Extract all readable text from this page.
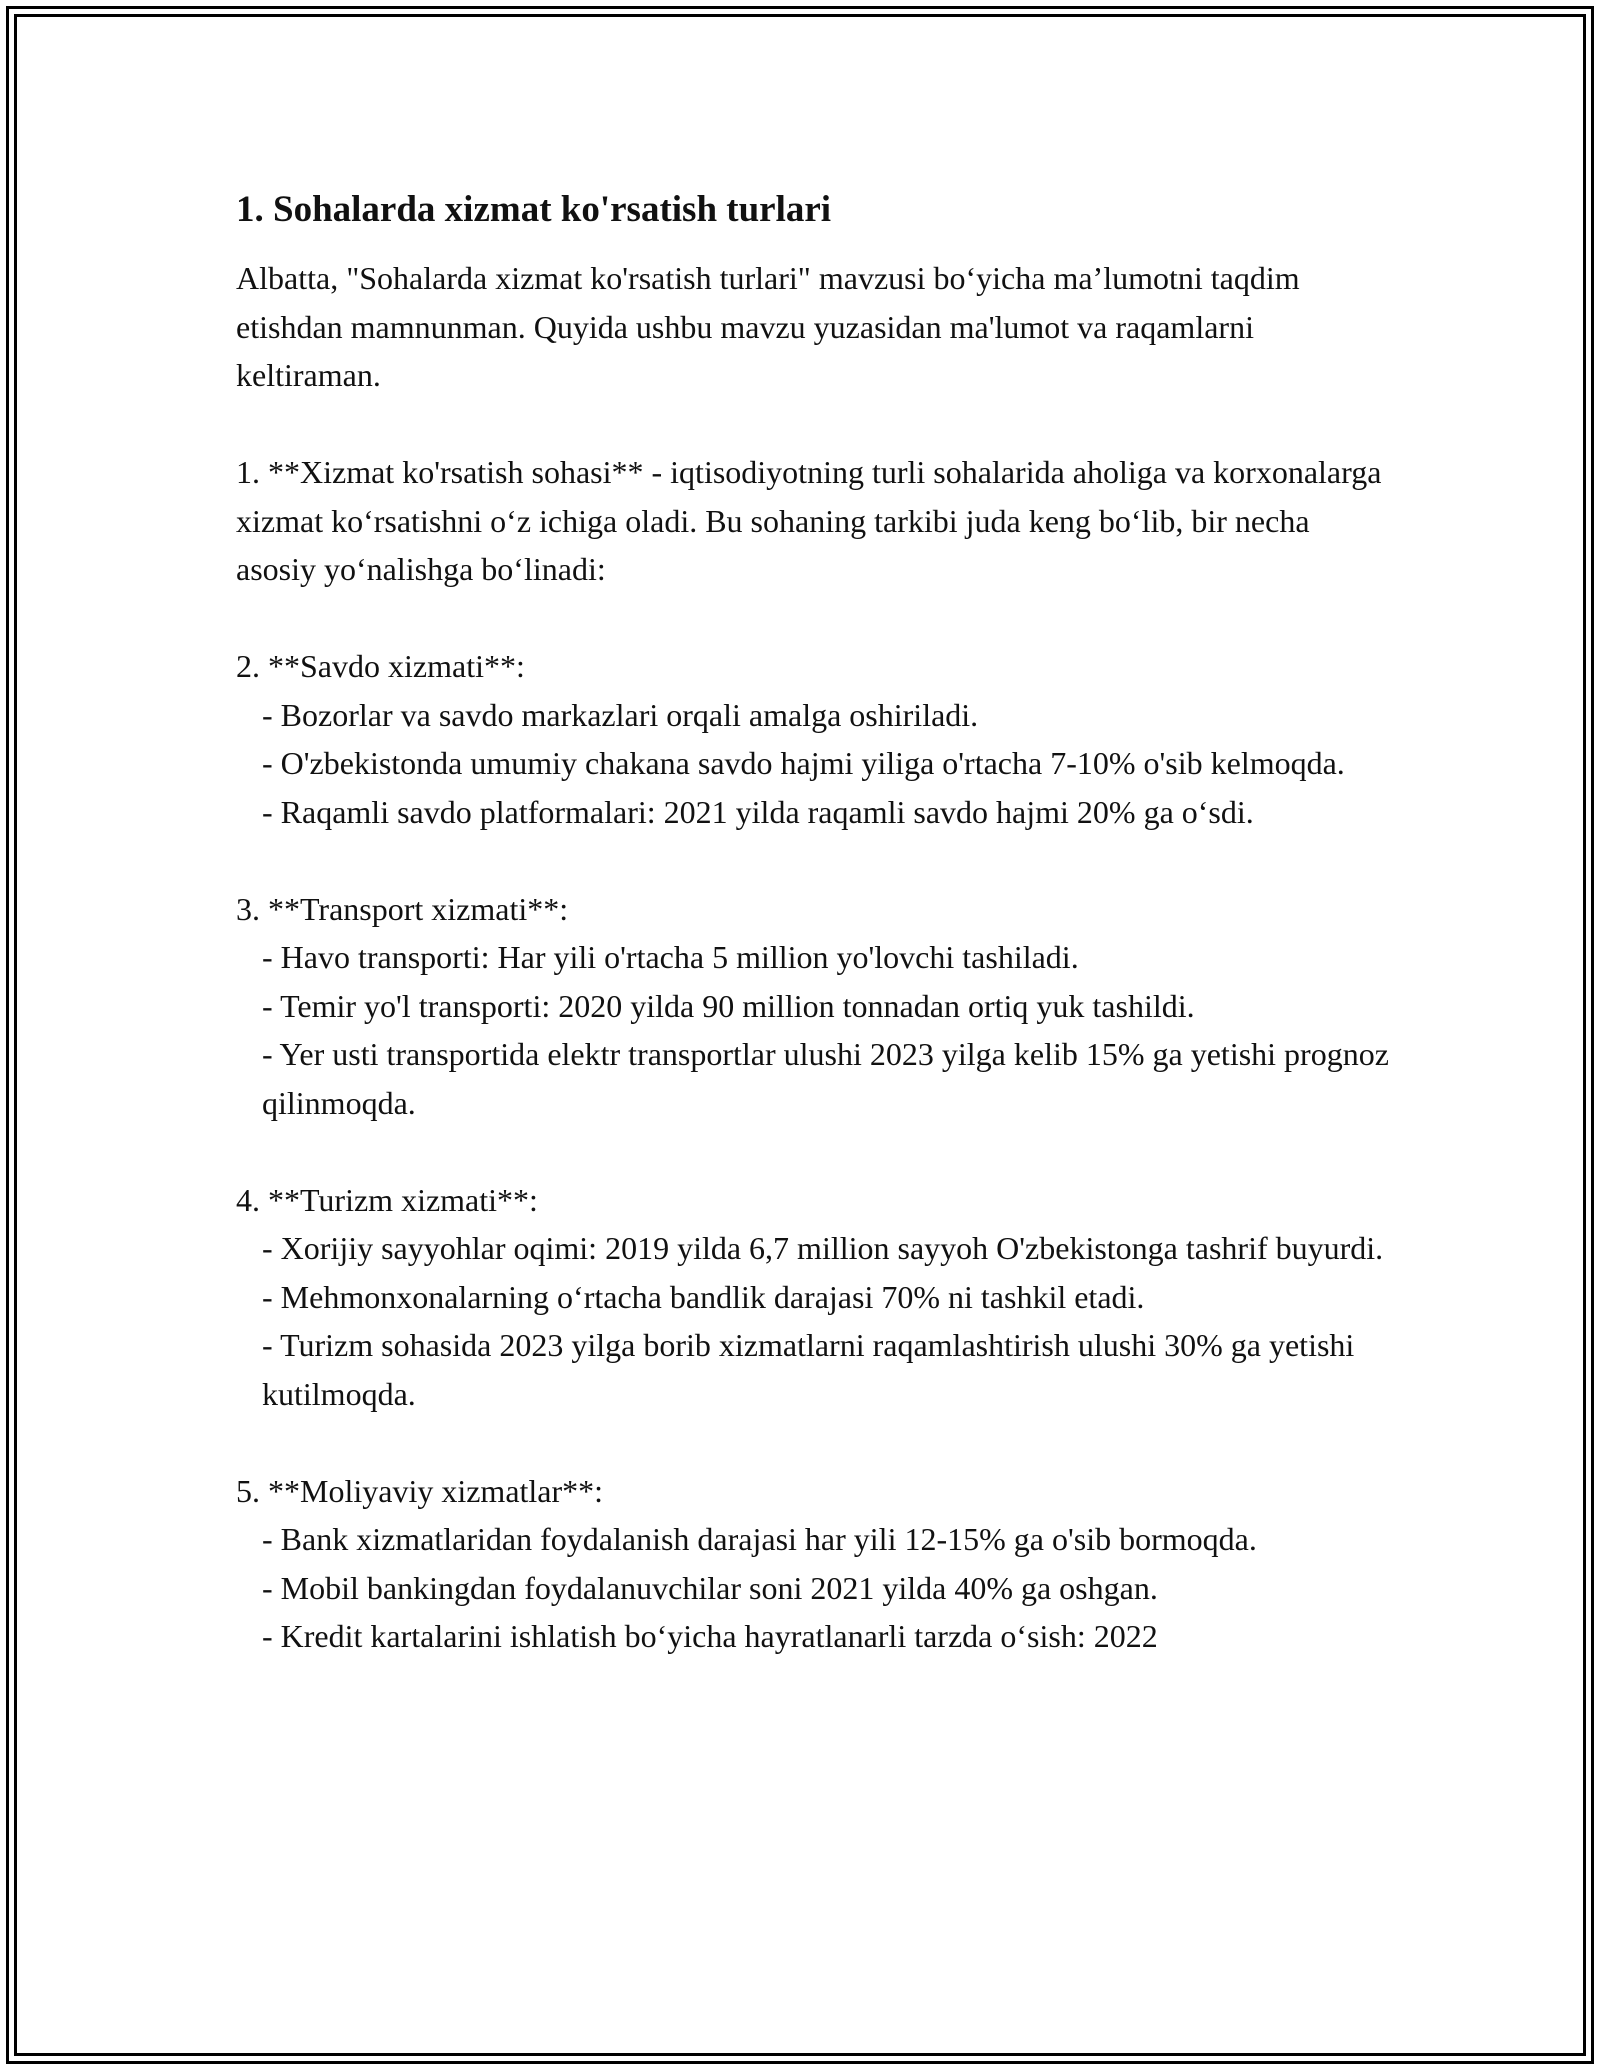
1. Sohalarda xizmat ko'rsatish turlari

Albatta, "Sohalarda xizmat ko'rsatish turlari" mavzusi bo‘yicha ma’lumotni taqdim etishdan mamnunman. Quyida ushbu mavzu yuzasidan ma'lumot va raqamlarni keltiraman.

1. **Xizmat ko'rsatish sohasi** - iqtisodiyotning turli sohalarida aholiga va korxonalarga xizmat ko‘rsatishni o‘z ichiga oladi. Bu sohaning tarkibi juda keng bo‘lib, bir necha asosiy yo‘nalishga bo‘linadi:

2. **Savdo xizmati**:

- Bozorlar va savdo markazlari orqali amalga oshiriladi.

- O'zbekistonda umumiy chakana savdo hajmi yiliga o'rtacha 7-10% o'sib kelmoqda.

- Raqamli savdo platformalari: 2021 yilda raqamli savdo hajmi 20% ga o‘sdi.

3. **Transport xizmati**:

- Havo transporti: Har yili o'rtacha 5 million yo'lovchi tashiladi.

- Temir yo'l transporti: 2020 yilda 90 million tonnadan ortiq yuk tashildi.

- Yer usti transportida elektr transportlar ulushi 2023 yilga kelib 15% ga yetishi prognoz qilinmoqda.

4. **Turizm xizmati**:

- Xorijiy sayyohlar oqimi: 2019 yilda 6,7 million sayyoh O'zbekistonga tashrif buyurdi.

- Mehmonxonalarning o‘rtacha bandlik darajasi 70% ni tashkil etadi.

- Turizm sohasida 2023 yilga borib xizmatlarni raqamlashtirish ulushi 30% ga yetishi kutilmoqda.

5. **Moliyaviy xizmatlar**:

- Bank xizmatlaridan foydalanish darajasi har yili 12-15% ga o'sib bormoqda.

- Mobil bankingdan foydalanuvchilar soni 2021 yilda 40% ga oshgan.

- Kredit kartalarini ishlatish bo‘yicha hayratlanarli tarzda o‘sish: 2022
